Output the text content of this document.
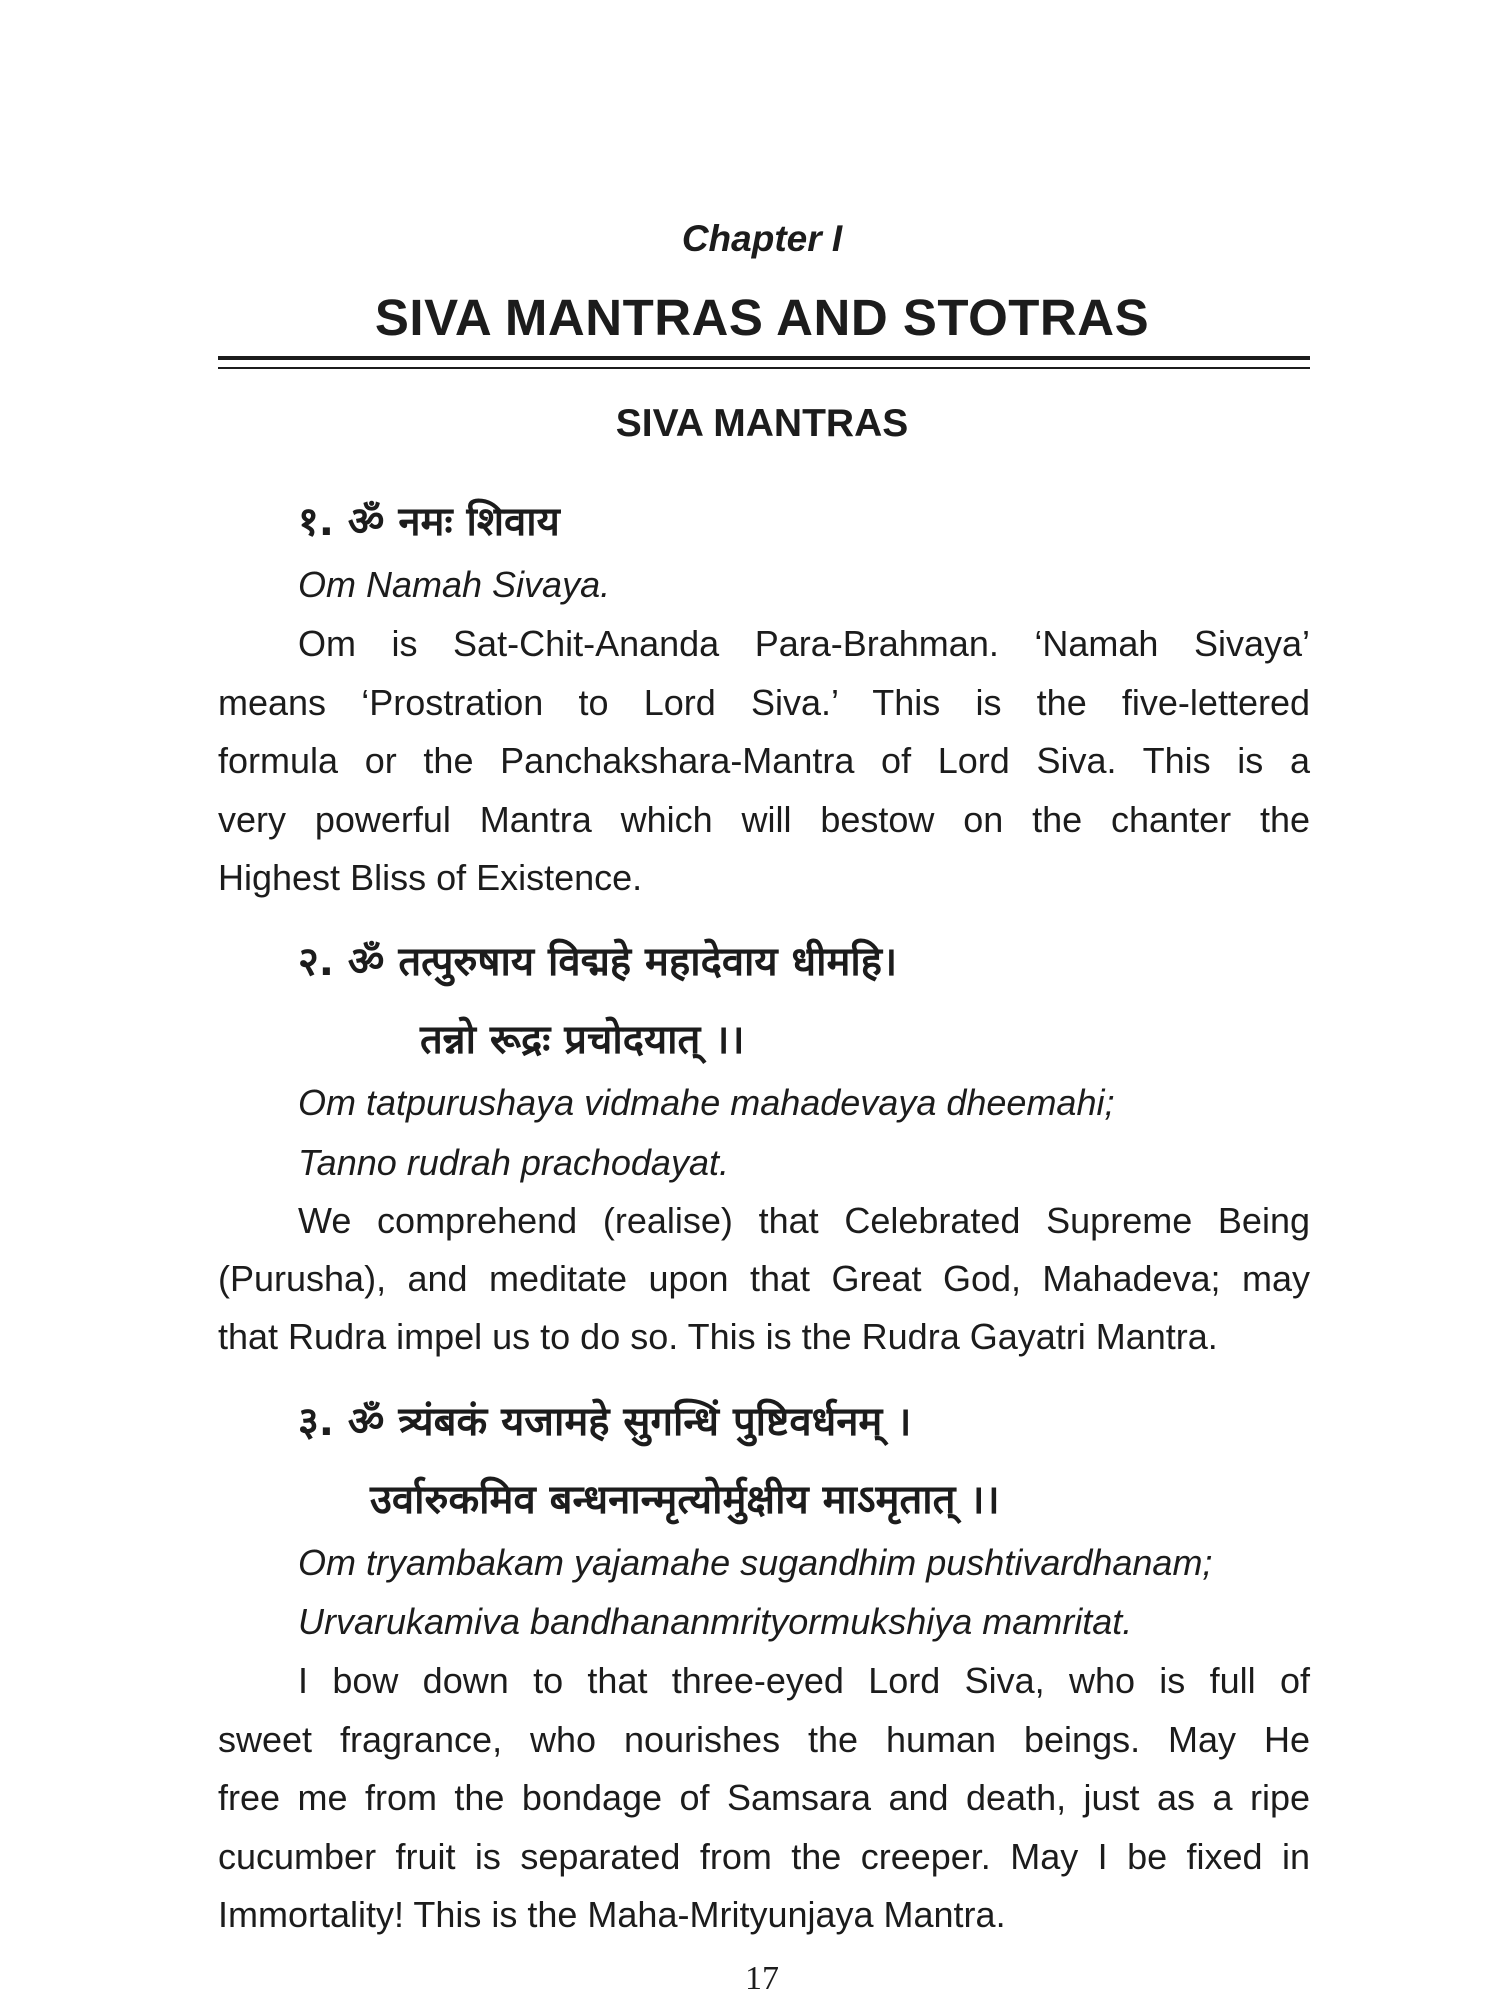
Chapter I
SIVA MANTRAS AND STOTRAS
SIVA MANTRAS
१. ॐ नमः शिवाय
Om Namah Sivaya.
Om is Sat-Chit-Ananda Para-Brahman. ‘Namah Sivaya’
means ‘Prostration to Lord Siva.’ This is the five-lettered
formula or the Panchakshara-Mantra of Lord Siva. This is a
very powerful Mantra which will bestow on the chanter the
Highest Bliss of Existence.
२. ॐ तत्पुरुषाय विद्महे महादेवाय धीमहि।
तन्नो रूद्रः प्रचोदयात् ।।
Om tatpurushaya vidmahe mahadevaya dheemahi;
Tanno rudrah prachodayat.
We comprehend (realise) that Celebrated Supreme Being
(Purusha), and meditate upon that Great God, Mahadeva; may
that Rudra impel us to do so. This is the Rudra Gayatri Mantra.
३. ॐ त्र्यंबकं यजामहे सुगन्धिं पुष्टिवर्धनम् ।
उर्वारुकमिव बन्धनान्मृत्योर्मुक्षीय माऽमृतात् ।।
Om tryambakam yajamahe sugandhim pushtivardhanam;
Urvarukamiva bandhananmrityormukshiya mamritat.
I bow down to that three-eyed Lord Siva, who is full of
sweet fragrance, who nourishes the human beings. May He
free me from the bondage of Samsara and death, just as a ripe
cucumber fruit is separated from the creeper. May I be fixed in
Immortality! This is the Maha-Mrityunjaya Mantra.
17
